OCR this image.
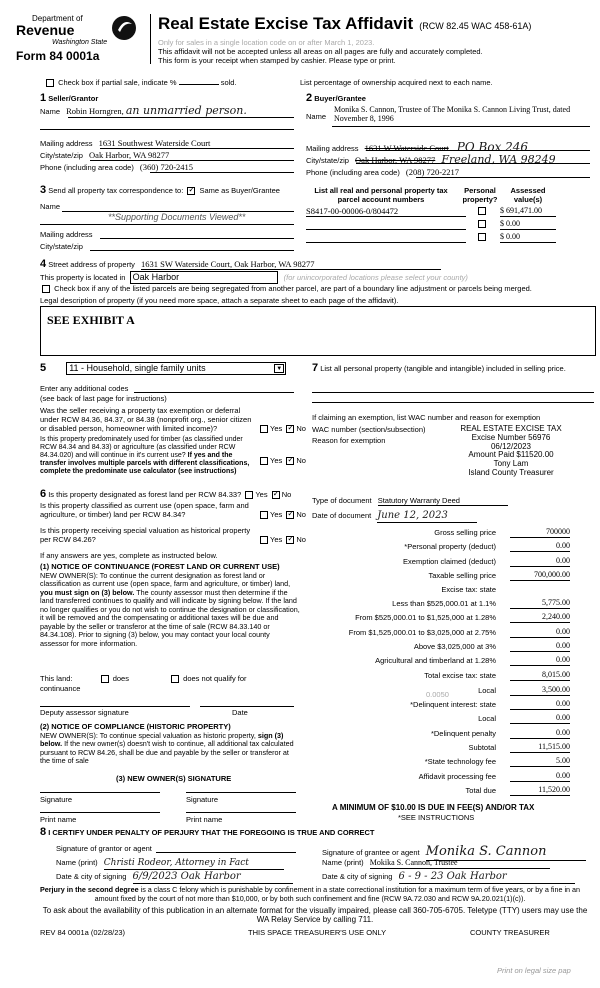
Department of
Revenue
Washington State
Form 84 0001a
Real Estate Excise Tax Affidavit (RCW 82.45 WAC 458-61A)
Only for sales in a single location code on or after March 1, 2023.
This affidavit will not be accepted unless all areas on all pages are fully and accurately completed.
This form is your receipt when stamped by cashier. Please type or print.
Check box if partial sale, indicate %	sold.	List percentage of ownership acquired next to each name.
1 Seller/Grantor
Name Robin Horngren, an unmarried person.
Mailing address 1631 Southwest Waterside Court
City/state/zip Oak Harbor, WA 98277
Phone (including area code) (360) 720-2415
2 Buyer/Grantee
Name
Monika S. Cannon, Trustee of The Monika S. Cannon Living Trust, dated November 8, 1996
Mailing address 1631 W Waterside Court PO Box 246
City/state/zip Oak Harbor, WA 98277 Freeland, WA 98249
Phone (including area code) (208) 720-2217
3 Send all property tax correspondence to: ✓ Same as Buyer/Grantee
Name
**Supporting Documents Viewed**
Mailing address
City/state/zip
List all real and personal property tax parcel account numbers
Personal property?
Assessed value(s)
S8417-00-00006-0/804472	$ 691,471.00
$ 0.00
$ 0.00
4 Street address of property 1631 SW Waterside Court, Oak Harbor, WA 98277
This property is located in Oak Harbor	(for unincorporated locations please select your county)
Check box if any of the listed parcels are being segregated from another parcel, are part of a boundary line adjustment or parcels being merged.
Legal description of property (if you need more space, attach a separate sheet to each page of the affidavit).
SEE EXHIBIT A
5	11 - Household, single family units	▼
Enter any additional codes
(see back of last page for instructions)
Was the seller receiving a property tax exemption or deferral under RCW 84.36, 84.37, or 84.38 (nonprofit org., senior citizen or disabled person, homeowner with limited income)?	Yes ✓ No
Is this property predominately used for timber (as classified under RCW 84.34 and 84.33) or agriculture (as classified under RCW 84.34.020) and will continue in it's current use? If yes and the transfer involves multiple parcels with different classifications, complete the predominate use calculator (see instructions)
Yes ✓ No
6 Is this property designated as forest land per RCW 84.33? Yes ✓ No
Is this property classified as current use (open space, farm and agriculture, or timber) land per RCW 84.34?	Yes ✓ No
Is this property receiving special valuation as historical property per RCW 84.26?	Yes ✓ No
If any answers are yes, complete as instructed below.
(1) NOTICE OF CONTINUANCE (FOREST LAND OR CURRENT USE)
NEW OWNER(S): To continue the current designation as forest land or classification as current use (open space, farm and agriculture, or timber) land, you must sign on (3) below. The county assessor must then determine if the land transferred continues to qualify and will indicate by signing below. If the land no longer qualifies or you do not wish to continue the designation or classification, it will be removed and the compensating or additional taxes will be due and payable by the seller or transferor at the time of sale (RCW 84.33.140 or 84.34.108). Prior to signing (3) below, you may contact your local county assessor for more information.
This land:	does	does not qualify for
continuance
Deputy assessor signature	Date
(2) NOTICE OF COMPLIANCE (HISTORIC PROPERTY)
NEW OWNER(S): To continue special valuation as historic property, sign (3) below. If the new owner(s) doesn't wish to continue, all additional tax calculated pursuant to RCW 84.26, shall be due and payable by the seller or transferor at the time of sale
(3) NEW OWNER(S) SIGNATURE
Signature	Signature
Print name	Print name
7 List all personal property (tangible and intangible) included in selling price.
If claiming an exemption, list WAC number and reason for exemption
WAC number (section/subsection)
Reason for exemption
REAL ESTATE EXCISE TAX
Excise Number 56976
06/12/2023
Amount Paid $11520.00
Tony Lam
Island County Treasurer
Type of document Statutory Warranty Deed
Date of document June 12, 2023
Gross selling price	700000
*Personal property (deduct)	0.00
Exemption claimed (deduct)	0.00
Taxable selling price	700,000.00
Excise tax: state
Less than $525,000.01 at 1.1%	5,775.00
From $525,000.01 to $1,525,000 at 1.28%	2,240.00
From $1,525,000.01 to $3,025,000 at 2.75%	0.00
Above $3,025,000 at 3%	0.00
Agricultural and timberland at 1.28%	0.00
Total excise tax: state	8,015.00
Local	3,500.00
*Delinquent interest: state	0.00
Local	0.00
*Delinquent penalty	0.00
Subtotal	11,515.00
*State technology fee	5.00
Affidavit processing fee	0.00
Total due	11,520.00
0.0050
A MINIMUM OF $10.00 IS DUE IN FEE(S) AND/OR TAX
*SEE INSTRUCTIONS
8 I CERTIFY UNDER PENALTY OF PERJURY THAT THE FOREGOING IS TRUE AND CORRECT
Signature of grantor or agent
Name (print) Christi Rodeor, Attorney in Fact
Date & city of signing 6/9/2023 Oak Harbor
Signature of grantee or agent Monika S. Cannon
Name (print) Mokika S. Cannon, Trustee
Date & city of signing 6 - 9 - 23 Oak Harbor
Perjury in the second degree is a class C felony which is punishable by confinement in a state correctional institution for a maximum term of five years, or by a fine in an amount fixed by the court of not more than $10,000, or by both such confinement and fine (RCW 9A.72.030 and RCW 9A.20.021(1)(c)).
To ask about the availability of this publication in an alternate format for the visually impaired, please call 360-705-6705. Teletype (TTY) users may use the WA Relay Service by calling 711.
REV 84 0001a (02/28/23)	THIS SPACE TREASURER'S USE ONLY	COUNTY TREASURER
Print on legal size pap
